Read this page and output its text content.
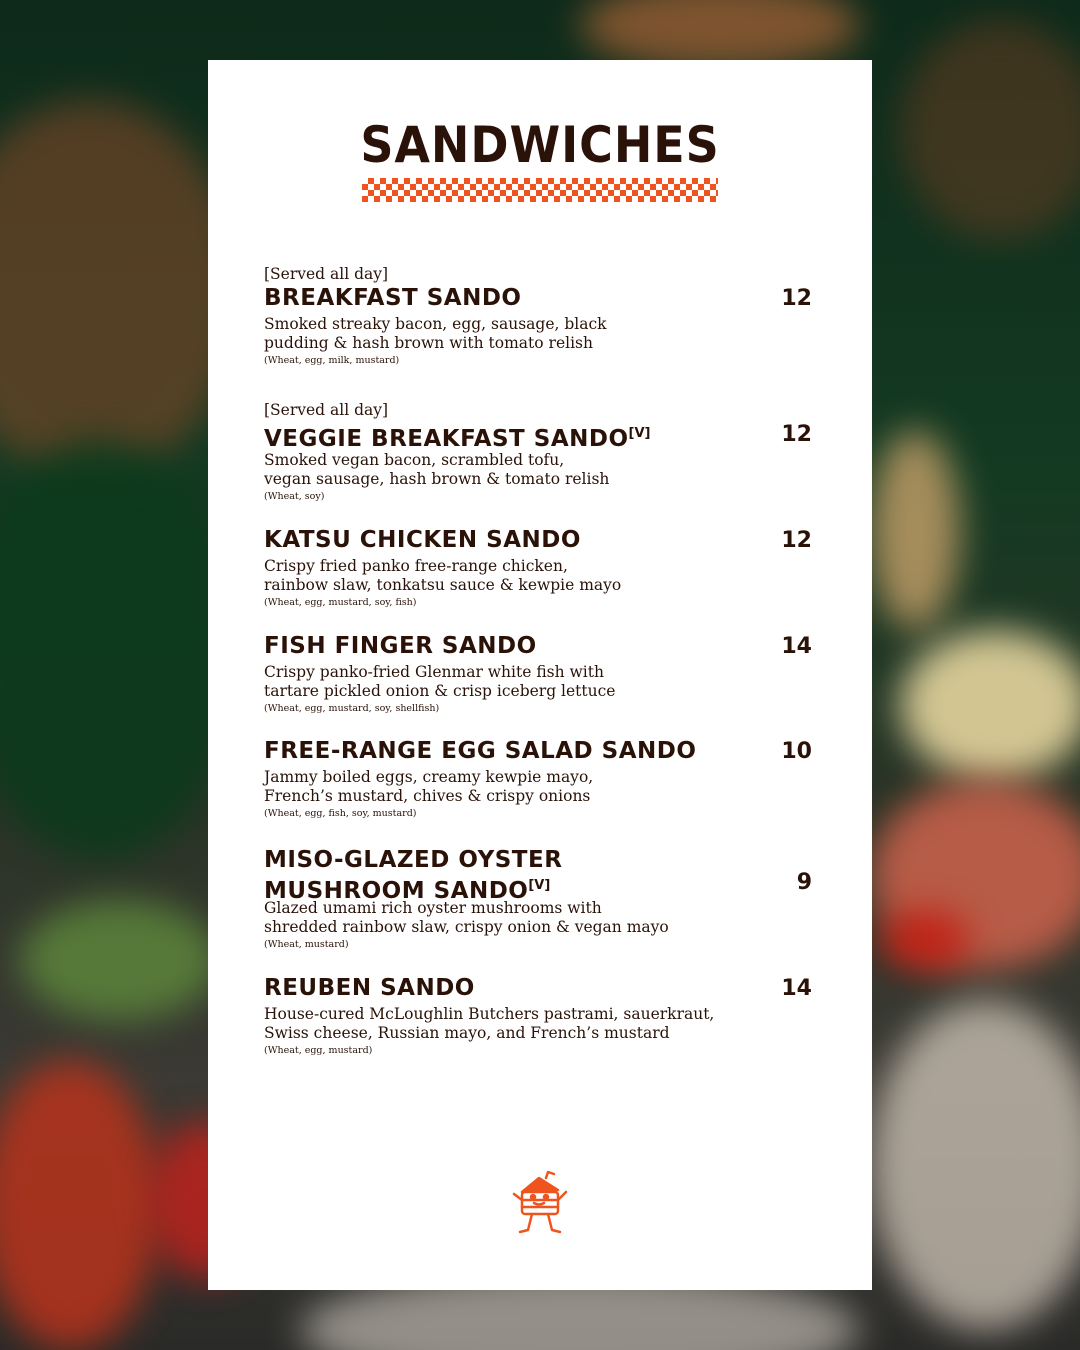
SANDWICHES
[Served all day]
BREAKFAST SANDO	12
Smoked streaky bacon, egg, sausage, black
pudding & hash brown with tomato relish
(Wheat, egg, milk, mustard)
[Served all day]
VEGGIE BREAKFAST SANDO[V]	12
Smoked vegan bacon, scrambled tofu,
vegan sausage, hash brown & tomato relish
(Wheat, soy)
KATSU CHICKEN SANDO	12
Crispy fried panko free-range chicken,
rainbow slaw, tonkatsu sauce & kewpie mayo
(Wheat, egg, mustard, soy, fish)
FISH FINGER SANDO	14
Crispy panko-fried Glenmar white fish with
tartare pickled onion & crisp iceberg lettuce
(Wheat, egg, mustard, soy, shellfish)
FREE-RANGE EGG SALAD SANDO	10
Jammy boiled eggs, creamy kewpie mayo,
French’s mustard, chives & crispy onions
(Wheat, egg, fish, soy, mustard)
MISO-GLAZED OYSTER MUSHROOM SANDO[V]	9
Glazed umami rich oyster mushrooms with
shredded rainbow slaw, crispy onion & vegan mayo
(Wheat, mustard)
REUBEN SANDO	14
House-cured McLoughlin Butchers pastrami, sauerkraut,
Swiss cheese, Russian mayo, and French’s mustard
(Wheat, egg, mustard)
